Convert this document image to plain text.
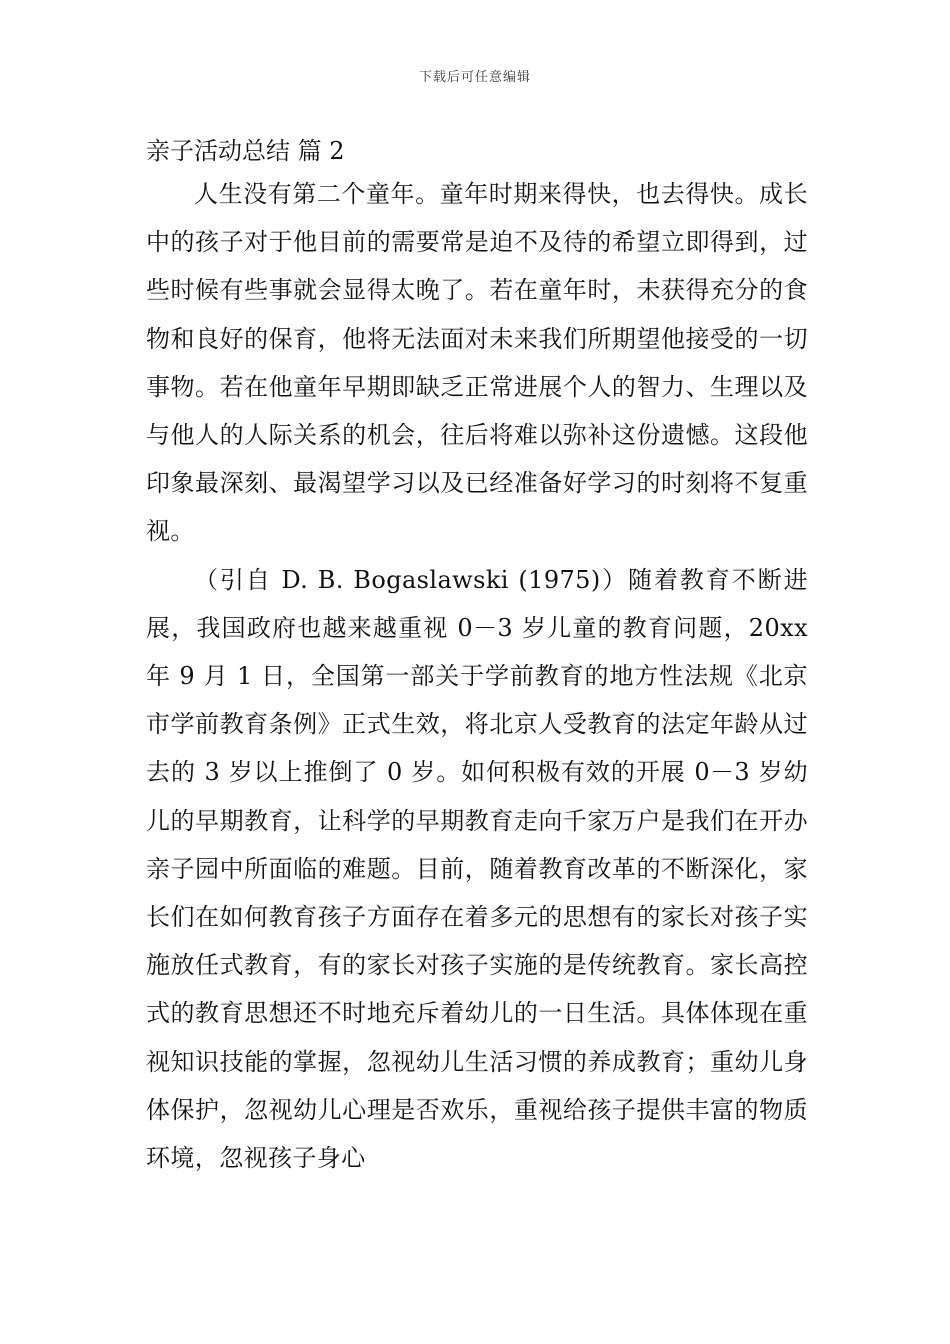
下载后可任意编辑
亲子活动总结 篇 2

人生没有第二个童年。童年时期来得快，也去得快。成长中的孩子对于他目前的需要常是迫不及待的希望立即得到，过些时候有些事就会显得太晚了。若在童年时，未获得充分的食物和良好的保育，他将无法面对未来我们所期望他接受的一切事物。若在他童年早期即缺乏正常进展个人的智力、生理以及与他人的人际关系的机会，往后将难以弥补这份遗憾。这段他印象最深刻、最渴望学习以及已经准备好学习的时刻将不复重视。

（引自 D. B. Bogaslawski (1975)）随着教育不断进展，我国政府也越来越重视 0－3 岁儿童的教育问题，20xx 年 9 月 1 日，全国第一部关于学前教育的地方性法规《北京市学前教育条例》正式生效，将北京人受教育的法定年龄从过去的 3 岁以上推倒了 0 岁。如何积极有效的开展 0－3 岁幼儿的早期教育，让科学的早期教育走向千家万户是我们在开办亲子园中所面临的难题。目前，随着教育改革的不断深化，家长们在如何教育孩子方面存在着多元的思想有的家长对孩子实施放任式教育，有的家长对孩子实施的是传统教育。家长高控式的教育思想还不时地充斥着幼儿的一日生活。具体体现在重视知识技能的掌握，忽视幼儿生活习惯的养成教育；重幼儿身体保护，忽视幼儿心理是否欢乐，重视给孩子提供丰富的物质环境，忽视孩子身心
